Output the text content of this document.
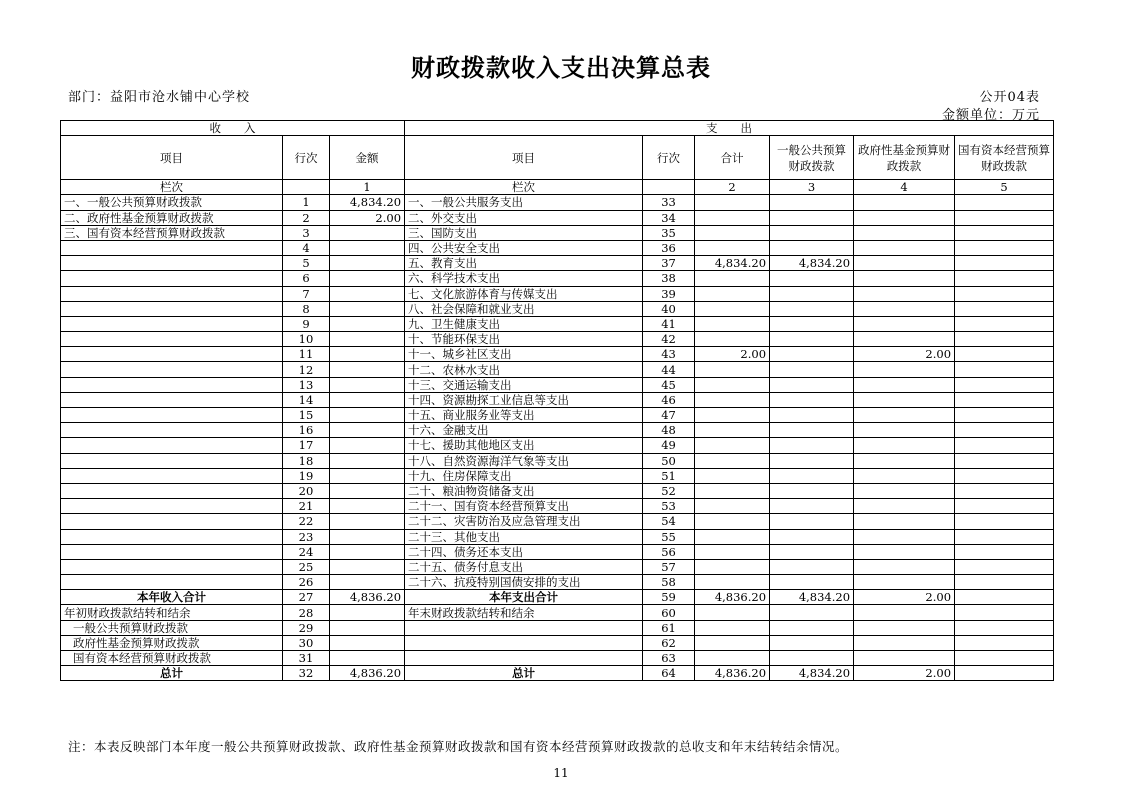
财政拨款收入支出决算总表
部门：益阳市沧水铺中心学校	公开04表
金额单位：万元
收　　入			支　　出					
项目	行次	金额	项目	行次	合计	一般公共预算财政拨款	政府性基金预算财政拨款	国有资本经营预算财政拨款
栏次		1	栏次		2	3	4	5
一、一般公共预算财政拨款	1	4,834.20	一、一般公共服务支出	33				
二、政府性基金预算财政拨款	2	2.00	二、外交支出	34				
三、国有资本经营预算财政拨款	3		三、国防支出	35				
	4		四、公共安全支出	36				
	5		五、教育支出	37	4,834.20	4,834.20		
	6		六、科学技术支出	38				
	7		七、文化旅游体育与传媒支出	39				
	8		八、社会保障和就业支出	40				
	9		九、卫生健康支出	41				
	10		十、节能环保支出	42				
	11		十一、城乡社区支出	43	2.00		2.00	
	12		十二、农林水支出	44				
	13		十三、交通运输支出	45				
	14		十四、资源勘探工业信息等支出	46				
	15		十五、商业服务业等支出	47				
	16		十六、金融支出	48				
	17		十七、援助其他地区支出	49				
	18		十八、自然资源海洋气象等支出	50				
	19		十九、住房保障支出	51				
	20		二十、粮油物资储备支出	52				
	21		二十一、国有资本经营预算支出	53				
	22		二十二、灾害防治及应急管理支出	54				
	23		二十三、其他支出	55				
	24		二十四、债务还本支出	56				
	25		二十五、债务付息支出	57				
	26		二十六、抗疫特别国债安排的支出	58				
本年收入合计	27	4,836.20	本年支出合计	59	4,836.20	4,834.20	2.00	
年初财政拨款结转和结余	28		年末财政拨款结转和结余	60				
一般公共预算财政拨款	29			61				
政府性基金预算财政拨款	30			62				
国有资本经营预算财政拨款	31			63				
总计	32	4,836.20	总计	64	4,836.20	4,834.20	2.00	
注：本表反映部门本年度一般公共预算财政拨款、政府性基金预算财政拨款和国有资本经营预算财政拨款的总收支和年末结转结余情况。
11
